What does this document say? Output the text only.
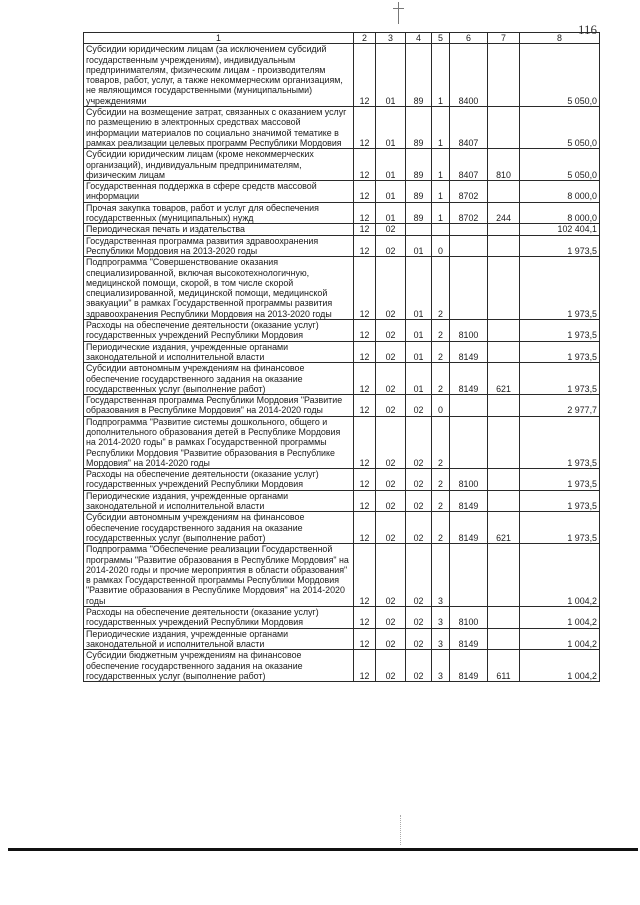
116
1	2	3	4	5	6	7	8
Субсидии юридическим лицам (за исключением субсидий государственным учреждениям), индивидуальным предпринимателям, физическим лицам - производителям товаров, работ, услуг, а также некоммерческим организациям, не являющимся государственными (муниципальными) учреждениями	12	01	89	1	8400		5 050,0
Субсидии на возмещение затрат, связанных с оказанием услуг по размещению в электронных средствах массовой информации материалов по социально значимой тематике в рамках реализации целевых программ Республики Мордовия	12	01	89	1	8407		5 050,0
Субсидии юридическим лицам (кроме некоммерческих организаций), индивидуальным предпринимателям, физическим лицам	12	01	89	1	8407	810	5 050,0
Государственная поддержка в сфере средств массовой информации	12	01	89	1	8702		8 000,0
Прочая закупка товаров, работ и услуг для обеспечения государственных (муниципальных) нужд	12	01	89	1	8702	244	8 000,0
Периодическая печать и издательства	12	02					102 404,1
Государственная программа развития здравоохранения Республики Мордовия на 2013-2020 годы	12	02	01	0			1 973,5
Подпрограмма "Совершенствование оказания специализированной, включая высокотехнологичную, медицинской помощи, скорой, в том числе скорой специализированной, медицинской помощи, медицинской эвакуации" в рамках Государственной программы развития здравоохранения Республики Мордовия на 2013-2020 годы	12	02	01	2			1 973,5
Расходы на обеспечение деятельности (оказание услуг) государственных учреждений Республики Мордовия	12	02	01	2	8100		1 973,5
Периодические издания, учрежденные органами законодательной и исполнительной власти	12	02	01	2	8149		1 973,5
Субсидии автономным учреждениям на финансовое обеспечение государственного задания на оказание государственных услуг (выполнение работ)	12	02	01	2	8149	621	1 973,5
Государственная программа Республики Мордовия "Развитие образования в Республике Мордовия" на 2014-2020 годы	12	02	02	0			2 977,7
Подпрограмма "Развитие системы дошкольного, общего и дополнительного образования детей в Республике Мордовия на 2014-2020 годы" в рамках Государственной программы Республики Мордовия "Развитие образования в Республике Мордовия" на 2014-2020 годы	12	02	02	2			1 973,5
Расходы на обеспечение деятельности (оказание услуг) государственных учреждений Республики Мордовия	12	02	02	2	8100		1 973,5
Периодические издания, учрежденные органами законодательной и исполнительной власти	12	02	02	2	8149		1 973,5
Субсидии автономным учреждениям на финансовое обеспечение государственного задания на оказание государственных услуг (выполнение работ)	12	02	02	2	8149	621	1 973,5
Подпрограмма "Обеспечение реализации Государственной программы "Развитие образования в Республике Мордовия" на 2014-2020 годы и прочие мероприятия в области образования" в рамках Государственной программы Республики Мордовия "Развитие образования в Республике Мордовия" на 2014-2020 годы	12	02	02	3			1 004,2
Расходы на обеспечение деятельности (оказание услуг) государственных учреждений Республики Мордовия	12	02	02	3	8100		1 004,2
Периодические издания, учрежденные органами законодательной и исполнительной власти	12	02	02	3	8149		1 004,2
Субсидии бюджетным учреждениям на финансовое обеспечение государственного задания на оказание государственных услуг (выполнение работ)	12	02	02	3	8149	611	1 004,2
